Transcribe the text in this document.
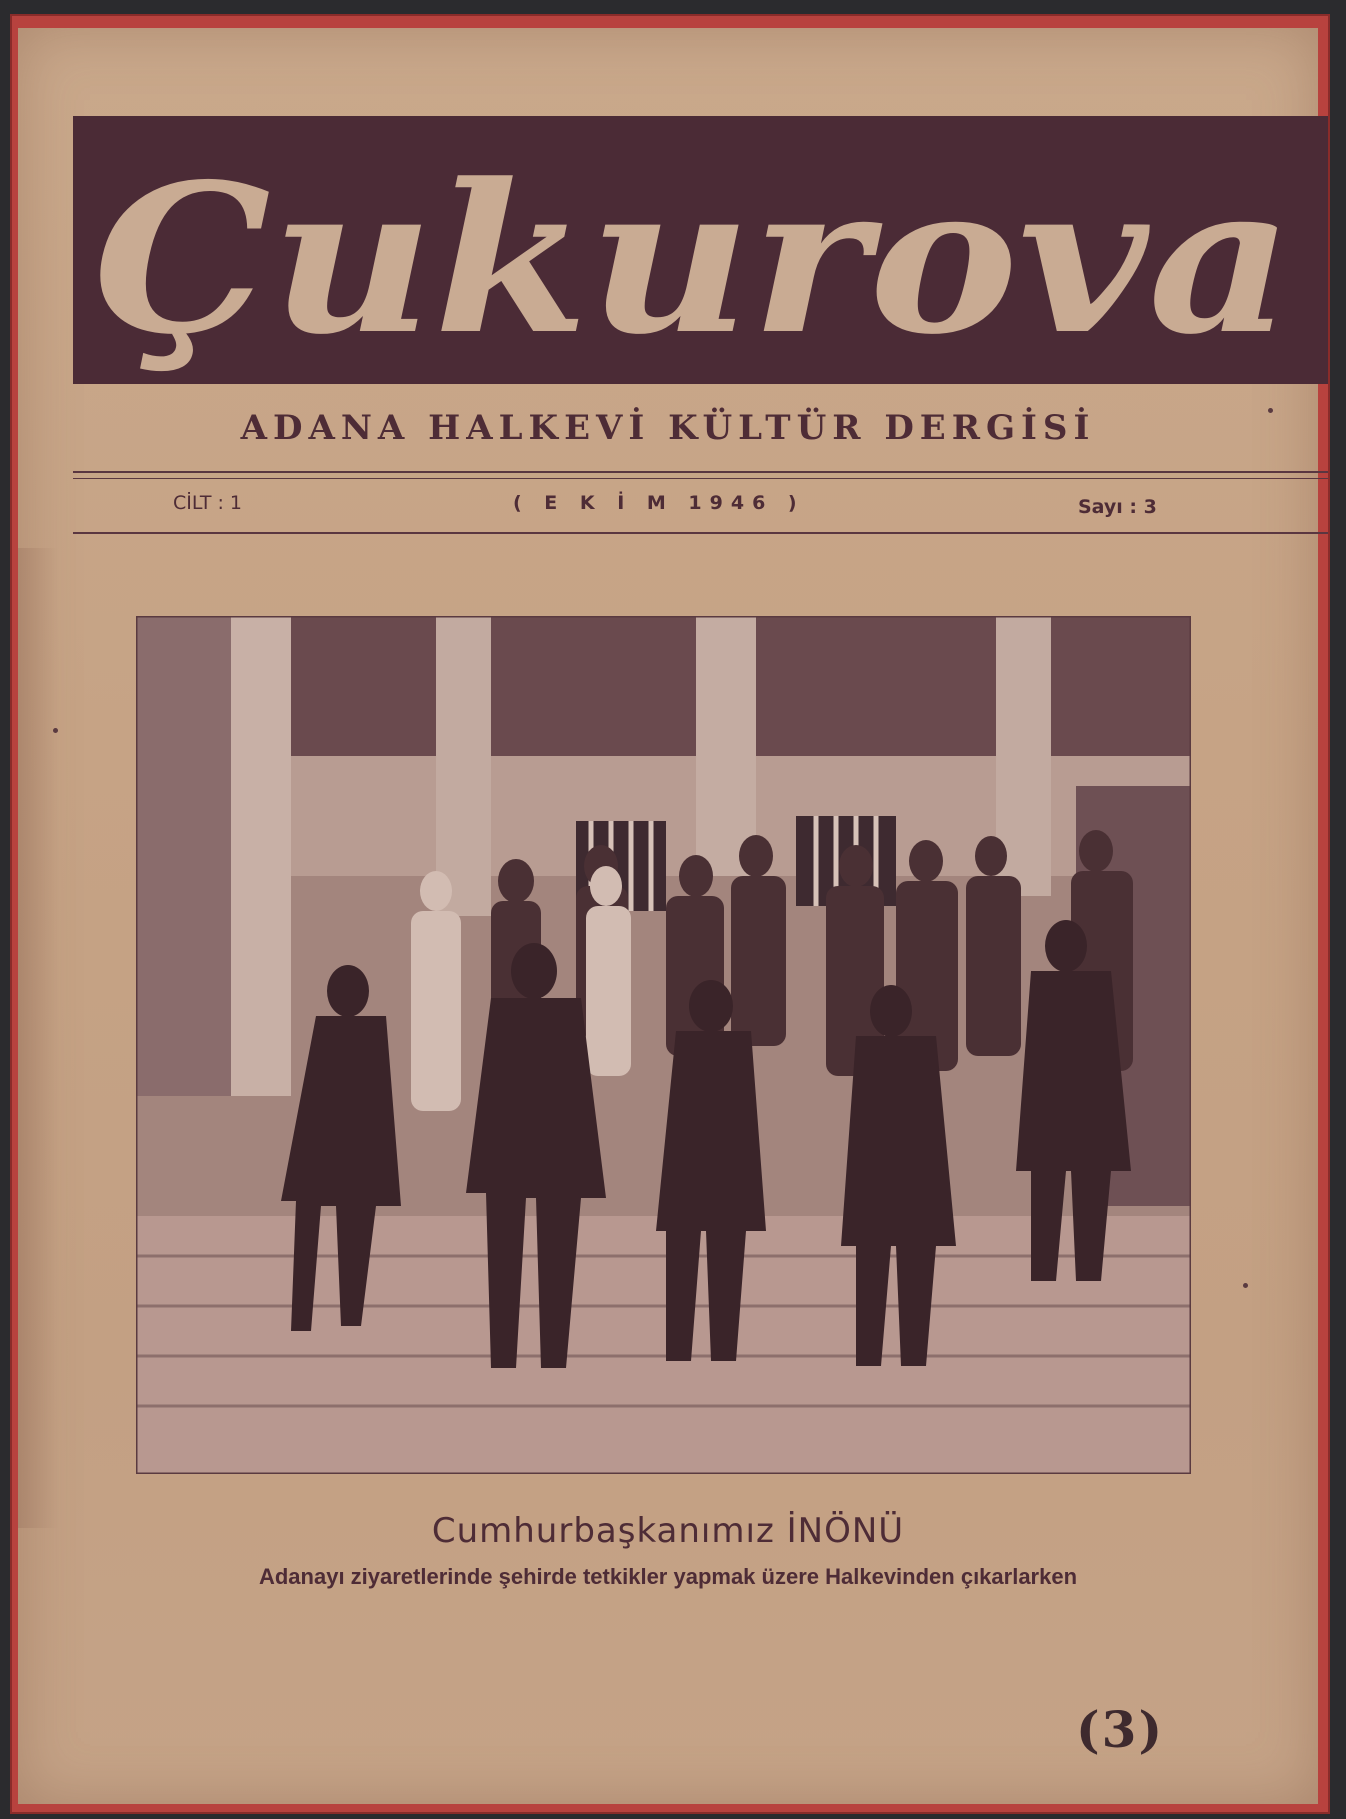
Çukurova
ADANA HALKEVİ KÜLTÜR DERGİSİ
CİLT : 1	( E K İ M 1946 )	Sayı : 3
Cumhurbaşkanımız İNÖNÜ
Adanayı ziyaretlerinde şehirde tetkikler yapmak üzere Halkevinden çıkarlarken
(3)
